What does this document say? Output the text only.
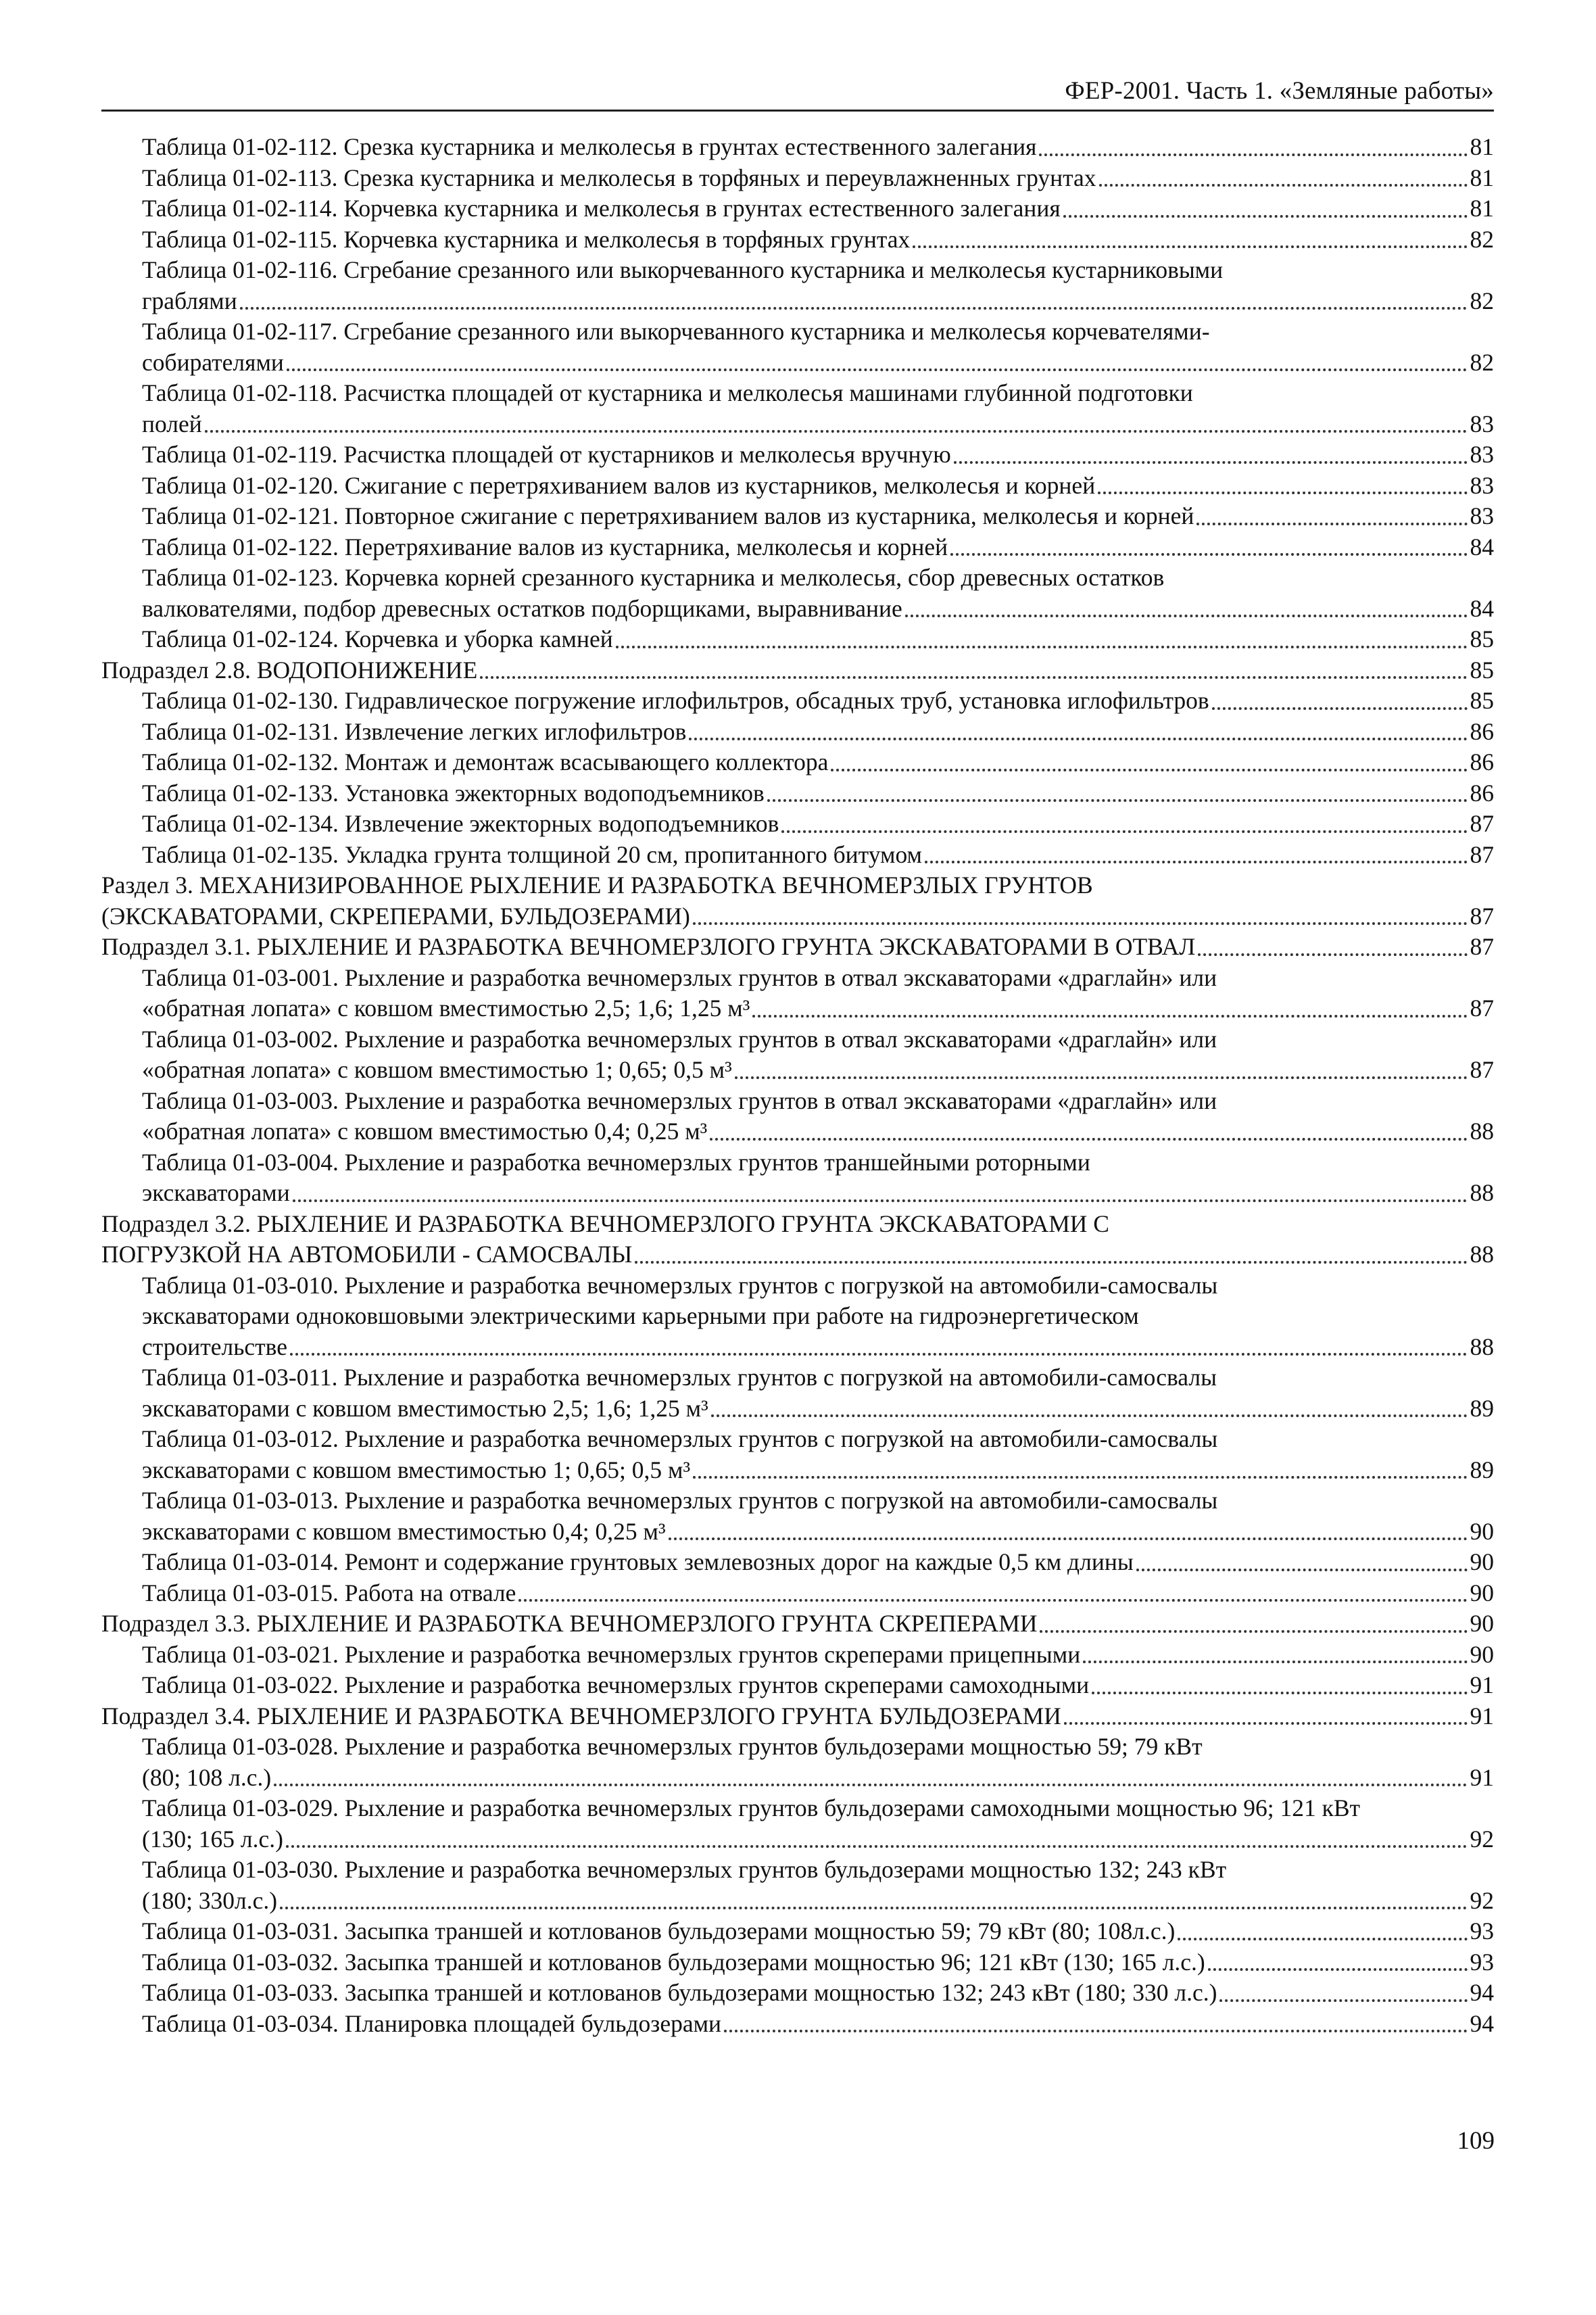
ФЕР-2001. Часть 1. «Земляные работы»
Таблица 01-02-112. Срезка кустарника и мелколесья в грунтах естественного залегания	81
Таблица 01-02-113. Срезка кустарника и мелколесья в торфяных и переувлажненных грунтах	81
Таблица 01-02-114. Корчевка кустарника и мелколесья в грунтах естественного залегания	81
Таблица 01-02-115. Корчевка кустарника и мелколесья в торфяных грунтах	82
Таблица 01-02-116. Сгребание срезанного или выкорчеванного кустарника и мелколесья кустарниковыми
граблями	82
Таблица 01-02-117. Сгребание срезанного или выкорчеванного кустарника и мелколесья корчевателями-
собирателями	82
Таблица 01-02-118. Расчистка площадей от кустарника и мелколесья машинами глубинной подготовки
полей	83
Таблица 01-02-119. Расчистка площадей от кустарников и мелколесья вручную	83
Таблица 01-02-120. Сжигание с перетряхиванием валов из кустарников, мелколесья и корней	83
Таблица 01-02-121. Повторное сжигание с перетряхиванием валов из кустарника, мелколесья и корней	83
Таблица 01-02-122. Перетряхивание валов из кустарника, мелколесья и корней	84
Таблица 01-02-123. Корчевка корней срезанного кустарника и мелколесья, сбор древесных остатков
валкователями, подбор древесных остатков подборщиками, выравнивание	84
Таблица 01-02-124. Корчевка и уборка камней	85
Подраздел 2.8. ВОДОПОНИЖЕНИЕ	85
Таблица 01-02-130. Гидравлическое погружение иглофильтров, обсадных труб, установка иглофильтров	85
Таблица 01-02-131. Извлечение легких иглофильтров	86
Таблица 01-02-132. Монтаж и демонтаж всасывающего коллектора	86
Таблица 01-02-133. Установка эжекторных водоподъемников	86
Таблица 01-02-134. Извлечение эжекторных водоподъемников	87
Таблица 01-02-135. Укладка грунта толщиной 20 см, пропитанного битумом	87
Раздел 3. МЕХАНИЗИРОВАННОЕ РЫХЛЕНИЕ И РАЗРАБОТКА ВЕЧНОМЕРЗЛЫХ ГРУНТОВ
(ЭКСКАВАТОРАМИ, СКРЕПЕРАМИ, БУЛЬДОЗЕРАМИ)	87
Подраздел 3.1. РЫХЛЕНИЕ И РАЗРАБОТКА ВЕЧНОМЕРЗЛОГО ГРУНТА ЭКСКАВАТОРАМИ В ОТВАЛ	87
Таблица 01-03-001. Рыхление и разработка вечномерзлых грунтов в отвал экскаваторами «драглайн» или
«обратная лопата» с ковшом вместимостью 2,5; 1,6; 1,25 м³	87
Таблица 01-03-002. Рыхление и разработка вечномерзлых грунтов в отвал экскаваторами «драглайн» или
«обратная лопата» с ковшом вместимостью 1; 0,65; 0,5 м³	87
Таблица 01-03-003. Рыхление и разработка вечномерзлых грунтов в отвал экскаваторами «драглайн» или
«обратная лопата» с ковшом вместимостью 0,4; 0,25 м³	88
Таблица 01-03-004. Рыхление и разработка вечномерзлых грунтов траншейными роторными
экскаваторами	88
Подраздел 3.2. РЫХЛЕНИЕ И РАЗРАБОТКА ВЕЧНОМЕРЗЛОГО ГРУНТА ЭКСКАВАТОРАМИ С
ПОГРУЗКОЙ НА АВТОМОБИЛИ - САМОСВАЛЫ	88
Таблица 01-03-010. Рыхление и разработка вечномерзлых грунтов с погрузкой на автомобили-самосвалы
экскаваторами одноковшовыми электрическими карьерными при работе на гидроэнергетическом
строительстве	88
Таблица 01-03-011. Рыхление и разработка вечномерзлых грунтов с погрузкой на автомобили-самосвалы
экскаваторами с ковшом вместимостью 2,5; 1,6; 1,25 м³	89
Таблица 01-03-012. Рыхление и разработка вечномерзлых грунтов с погрузкой на автомобили-самосвалы
экскаваторами с ковшом вместимостью 1; 0,65; 0,5 м³	89
Таблица 01-03-013. Рыхление и разработка вечномерзлых грунтов с погрузкой на автомобили-самосвалы
экскаваторами с ковшом вместимостью 0,4; 0,25 м³	90
Таблица 01-03-014. Ремонт и содержание грунтовых землевозных дорог на каждые 0,5 км длины	90
Таблица 01-03-015. Работа на отвале	90
Подраздел 3.3. РЫХЛЕНИЕ И РАЗРАБОТКА ВЕЧНОМЕРЗЛОГО ГРУНТА СКРЕПЕРАМИ	90
Таблица 01-03-021. Рыхление и разработка вечномерзлых грунтов скреперами прицепными	90
Таблица 01-03-022. Рыхление и разработка вечномерзлых грунтов скреперами самоходными	91
Подраздел 3.4. РЫХЛЕНИЕ И РАЗРАБОТКА ВЕЧНОМЕРЗЛОГО ГРУНТА БУЛЬДОЗЕРАМИ	91
Таблица 01-03-028. Рыхление и разработка вечномерзлых грунтов бульдозерами мощностью 59; 79 кВт
(80; 108 л.с.)	91
Таблица 01-03-029. Рыхление и разработка вечномерзлых грунтов бульдозерами самоходными мощностью 96; 121 кВт
(130; 165 л.с.)	92
Таблица 01-03-030. Рыхление и разработка вечномерзлых грунтов бульдозерами мощностью 132; 243 кВт
(180; 330л.с.)	92
Таблица 01-03-031. Засыпка траншей и котлованов бульдозерами мощностью 59; 79 кВт (80; 108л.с.)	93
Таблица 01-03-032. Засыпка траншей и котлованов бульдозерами мощностью 96; 121 кВт (130; 165 л.с.)	93
Таблица 01-03-033. Засыпка траншей и котлованов бульдозерами мощностью 132; 243 кВт (180; 330 л.с.)	94
Таблица 01-03-034. Планировка площадей бульдозерами	94
109
